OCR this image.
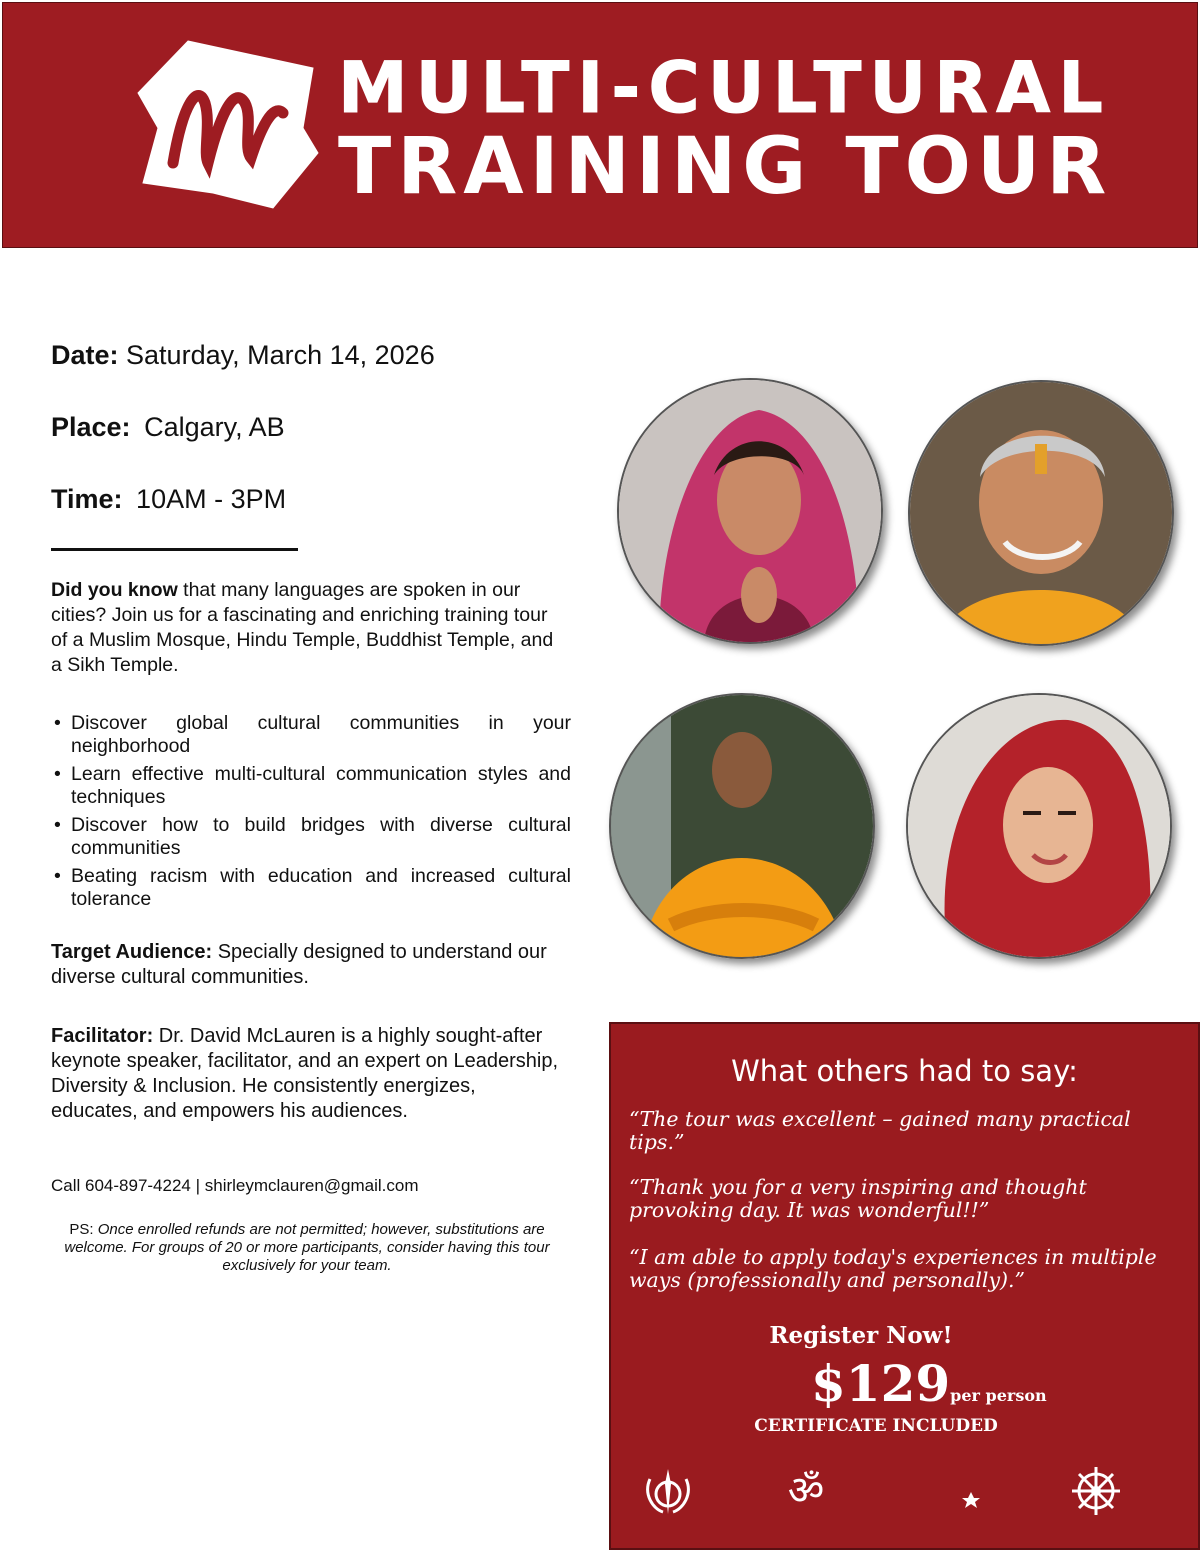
MULTI-CULTURAL
TRAINING TOUR
Date: Saturday, March 14, 2026
Place: Calgary, AB
Time: 10AM - 3PM
Did you know that many languages are spoken in our cities? Join us for a fascinating and enriching training tour of a Muslim Mosque, Hindu Temple, Buddhist Temple, and a Sikh Temple.
• Discover global cultural communities in your neighborhood
• Learn effective multi-cultural communication styles and techniques
• Discover how to build bridges with diverse cultural communities
• Beating racism with education and increased cultural tolerance
Target Audience: Specially designed to understand our diverse cultural communities.
Facilitator: Dr. David McLauren is a highly sought-after keynote speaker, facilitator, and an expert on Leadership, Diversity & Inclusion. He consistently energizes, educates, and empowers his audiences.
Call 604-897-4224 | shirleymclauren@gmail.com
PS: Once enrolled refunds are not permitted; however, substitutions are welcome. For groups of 20 or more participants, consider having this tour exclusively for your team.
What others had to say:
“The tour was excellent – gained many practical tips.”
“Thank you for a very inspiring and thought provoking day. It was wonderful!!”
“I am able to apply today's experiences in multiple ways (professionally and personally).”
Register Now!
$129per person
CERTIFICATE INCLUDED
ॐ
